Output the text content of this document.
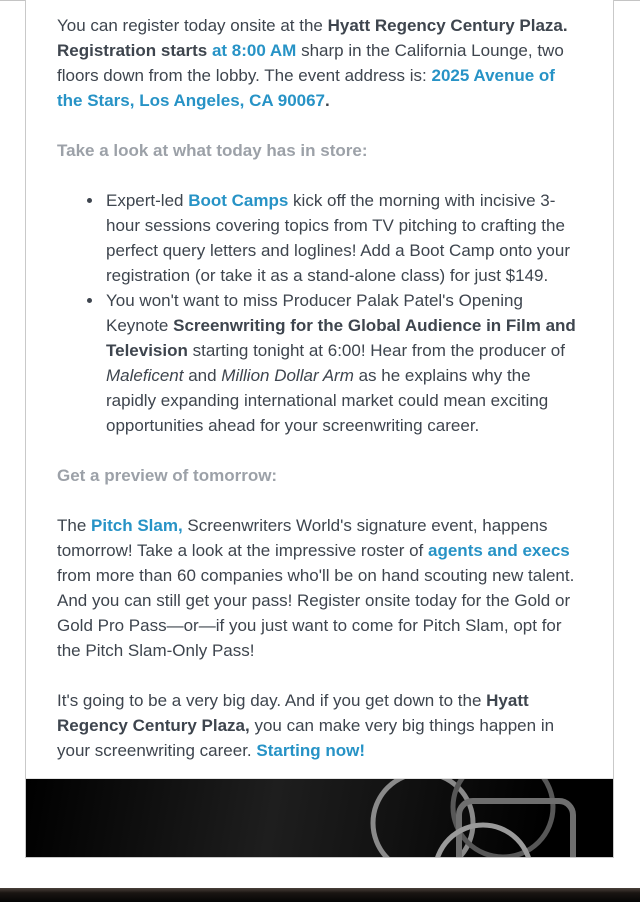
You can register today onsite at the Hyatt Regency Century Plaza. Registration starts at 8:00 AM sharp in the California Lounge, two floors down from the lobby. The event address is: 2025 Avenue of the Stars, Los Angeles, CA 90067.

Take a look at what today has in store:

• Expert-led Boot Camps kick off the morning with incisive 3-hour sessions covering topics from TV pitching to crafting the perfect query letters and loglines! Add a Boot Camp onto your registration (or take it as a stand-alone class) for just $149.
• You won't want to miss Producer Palak Patel's Opening Keynote Screenwriting for the Global Audience in Film and Television starting tonight at 6:00! Hear from the producer of Maleficent and Million Dollar Arm as he explains why the rapidly expanding international market could mean exciting opportunities ahead for your screenwriting career.

Get a preview of tomorrow:

The Pitch Slam, Screenwriters World's signature event, happens tomorrow! Take a look at the impressive roster of agents and execs from more than 60 companies who'll be on hand scouting new talent. And you can still get your pass! Register onsite today for the Gold or Gold Pro Pass—or—if you just want to come for Pitch Slam, opt for the Pitch Slam-Only Pass!

It's going to be a very big day. And if you get down to the Hyatt Regency Century Plaza, you can make very big things happen in your screenwriting career. Starting now!
